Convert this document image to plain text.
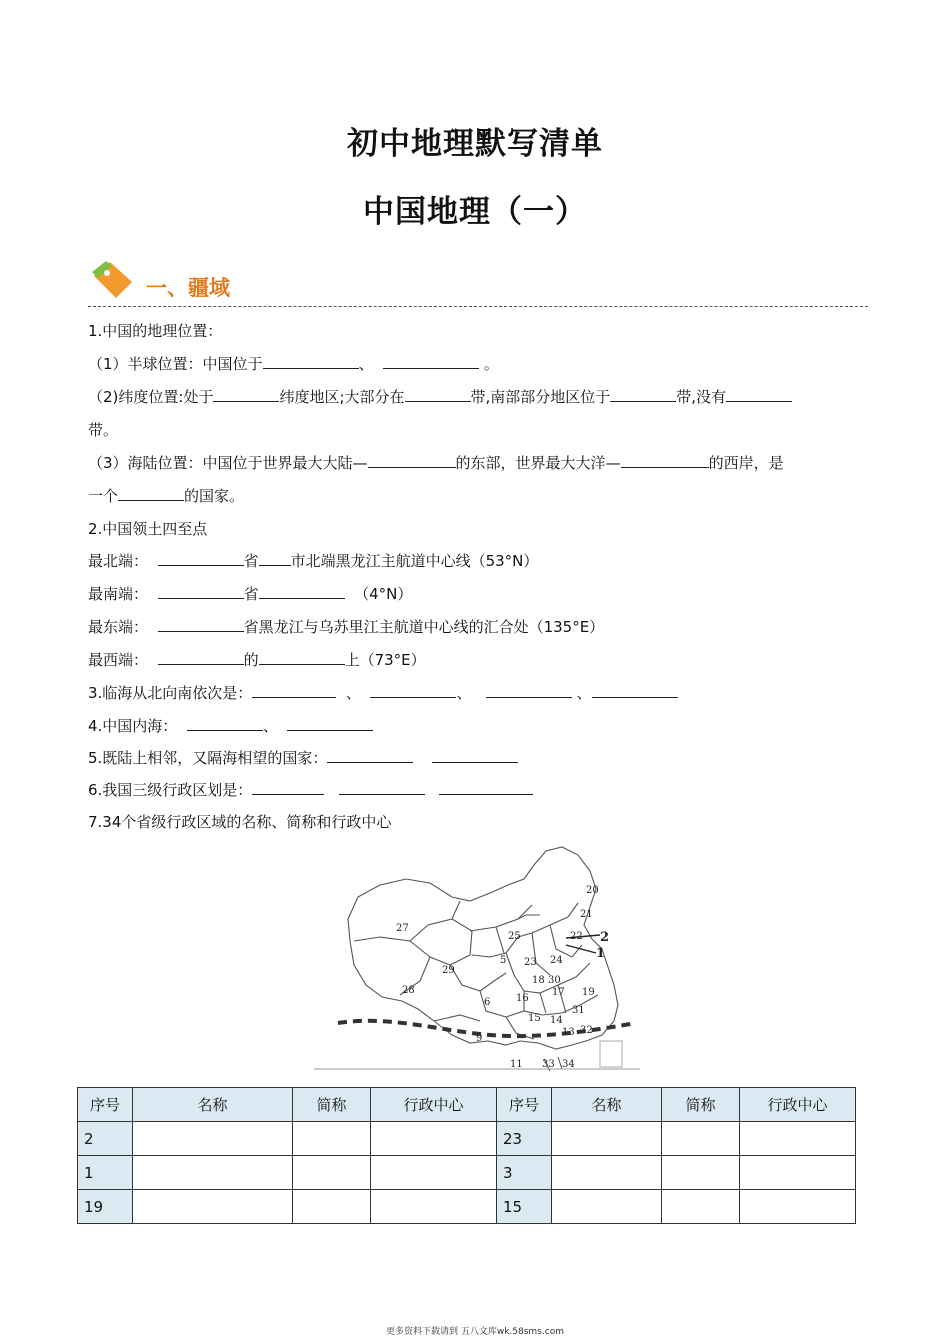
初中地理默写清单
中国地理（一）
一、疆域
1.中国的地理位置：
（1）半球位置：中国位于	、	。
（2)纬度位置:处于	纬度地区;大部分在	带,南部部分地区位于	带,没有
带。
（3）海陆位置：中国位于世界最大大陆—	的东部，世界最大大洋—	的西岸，是
一个	的国家。
2.中国领土四至点
最北端：	省 市北端黑龙江主航道中心线（53°N）
最南端：	省	（4°N）
最东端：	省黑龙江与乌苏里江主航道中心线的汇合处（135°E）
最西端：	的	上（73°E）
3.临海从北向南依次是：	、	、	、
4.中国内海：	、
5.既陆上相邻，又隔海相望的国家：
6.我国三级行政区划是：
7.34个省级行政区域的名称、简称和行政中心
20
21
27
25	2
1
23 24
29
18
28
6	16
17 19
15
31
14
13 32
9
11 33 34
22
30
5
序号	名称	简称	行政中心	序号	名称	简称	行政中心
2				23			
1				3			
19				15			
更多资料下载请到 五八文库wk.58sms.com
